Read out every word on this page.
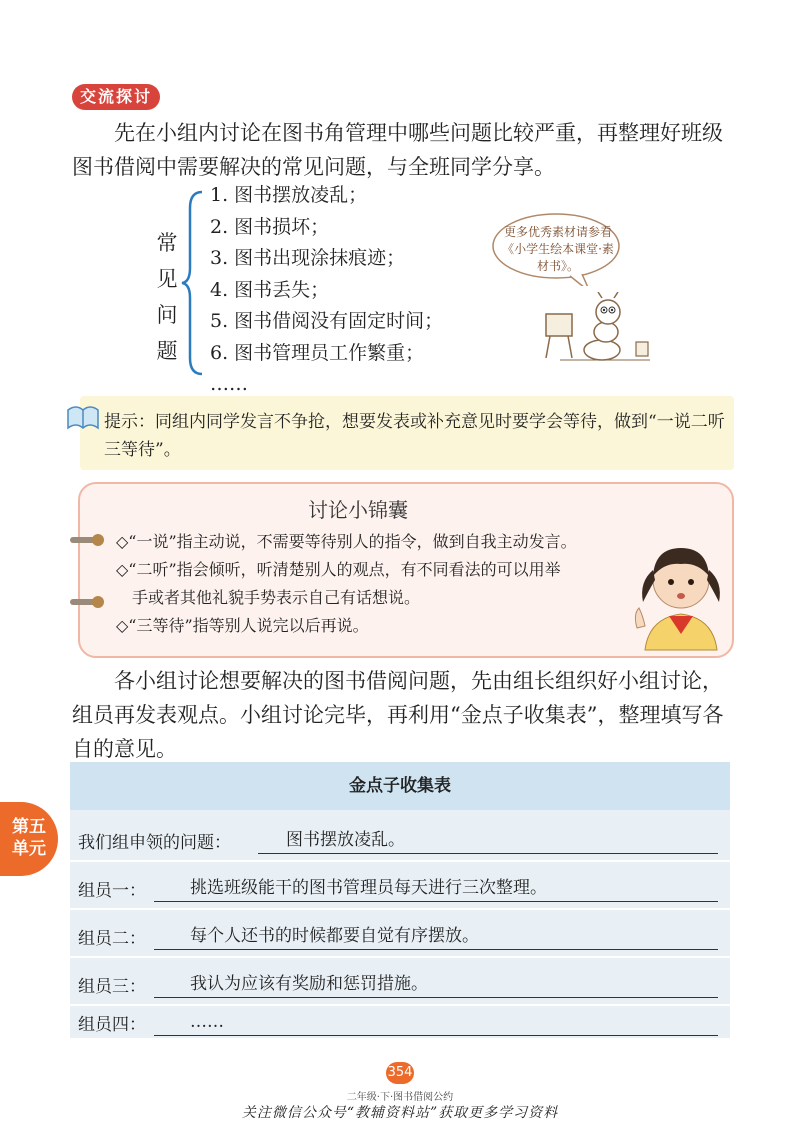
交流探讨
先在小组内讨论在图书角管理中哪些问题比较严重，再整理好班级图书借阅中需要解决的常见问题，与全班同学分享。
常见问题
1. 图书摆放凌乱；
2. 图书损坏；
3. 图书出现涂抹痕迹；
4. 图书丢失；
5. 图书借阅没有固定时间；
6. 图书管理员工作繁重；
……
更多优秀素材请参看《小学生绘本课堂·素材书》。
提示：同组内同学发言不争抢，想要发表或补充意见时要学会等待，做到“一说二听三等待”。
讨论小锦囊

◇“一说”指主动说，不需要等待别人的指令，做到自我主动发言。

◇“二听”指会倾听，听清楚别人的观点，有不同看法的可以用举

手或者其他礼貌手势表示自己有话想说。

◇“三等待”指等别人说完以后再说。

各小组讨论想要解决的图书借阅问题，先由组长组织好小组讨论，组员再发表观点。小组讨论完毕，再利用“金点子收集表”，整理填写各自的意见。
金点子收集表
我们组申领的问题：	图书摆放凌乱。
组员一：	挑选班级能干的图书管理员每天进行三次整理。
组员二：	每个人还书的时候都要自觉有序摆放。
组员三：	我认为应该有奖励和惩罚措施。
组员四：	……
第五
单元
354
二年级·下·图书借阅公约
关注微信公众号“教辅资料站”获取更多学习资料
